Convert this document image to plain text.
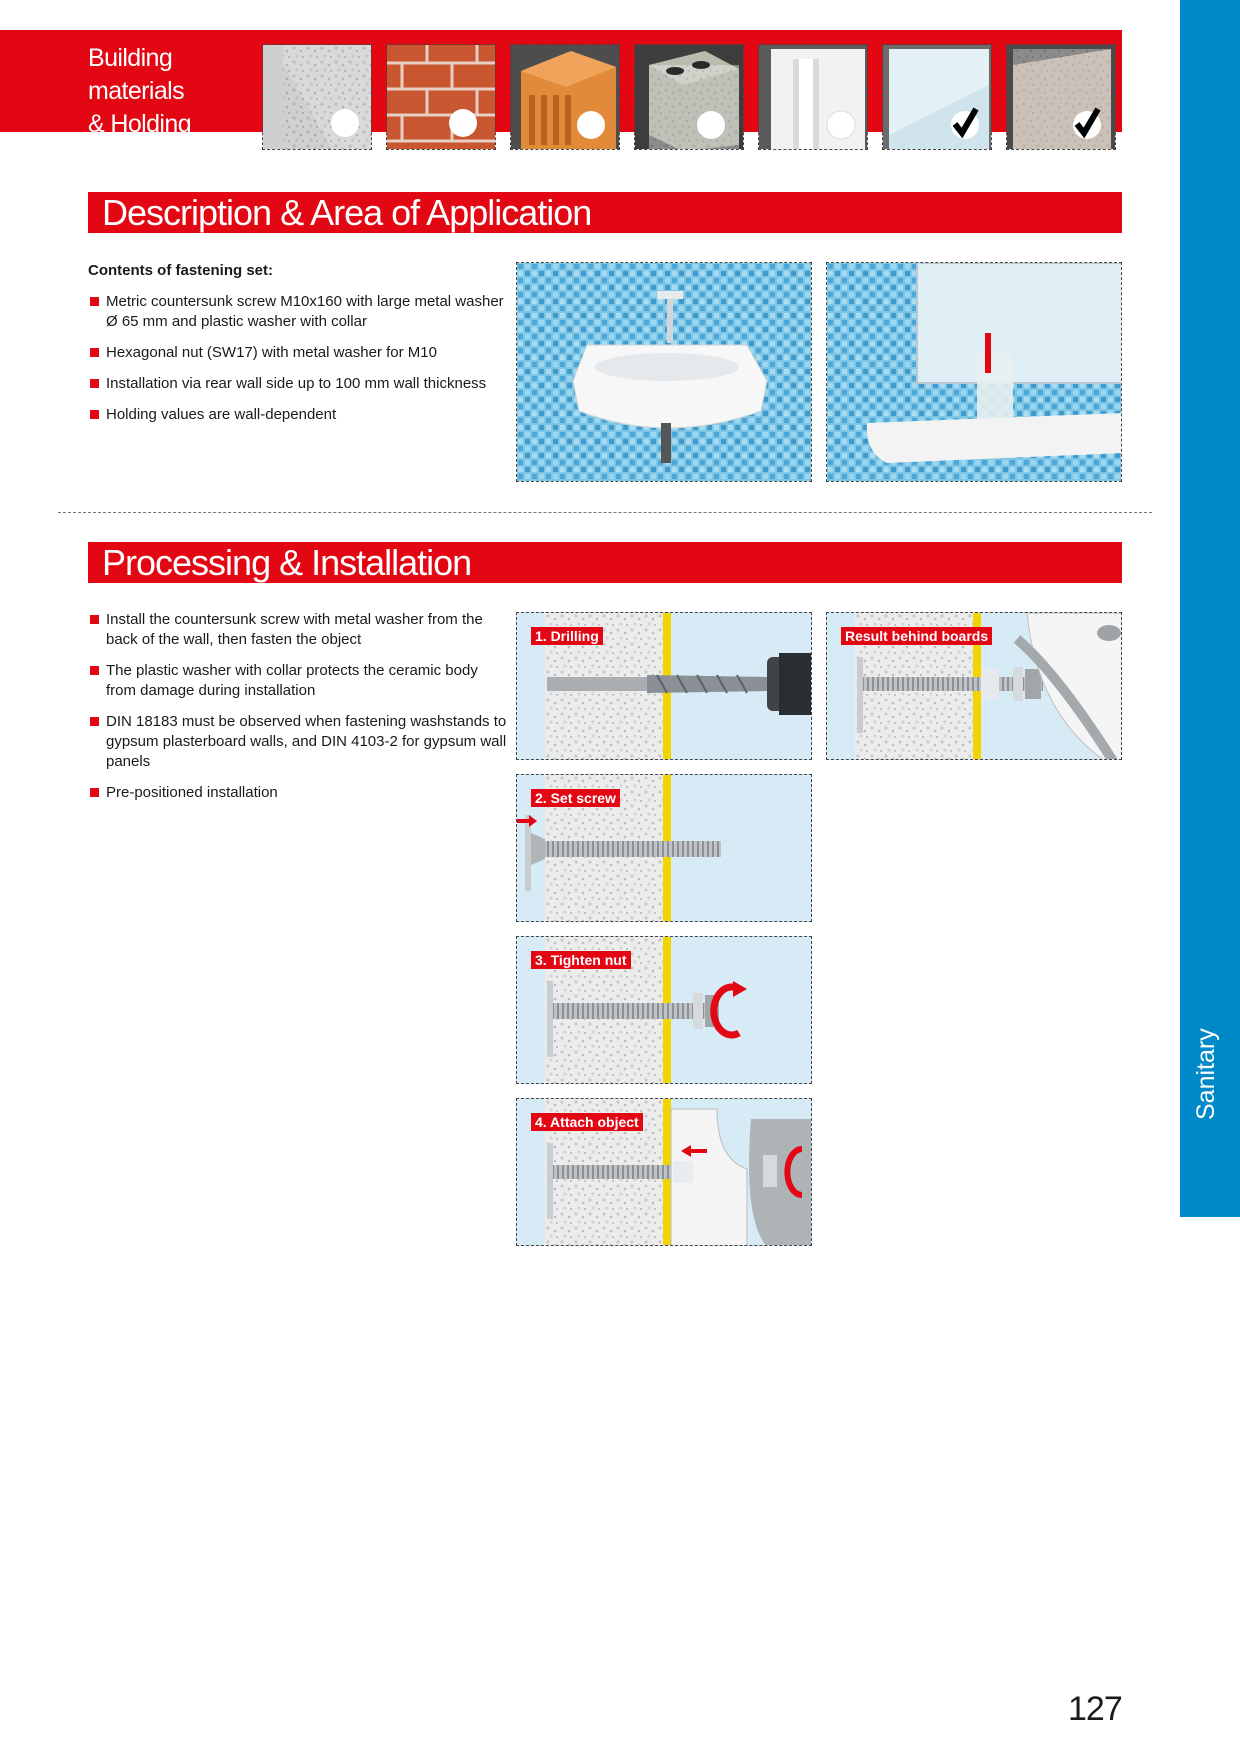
Building materials
& Holding values
Description & Area of Application
Contents of fastening set:
Metric countersunk screw M10x160 with large metal washer Ø 65 mm and plastic washer with collar
Hexagonal nut (SW17) with metal washer for M10
Installation via rear wall side up to 100 mm wall thickness
Holding values are wall-dependent
Processing & Installation
Install the countersunk screw with metal washer from the back of the wall, then fasten the object
The plastic washer with collar protects the ceramic body from damage during installation
DIN 18183 must be observed when fastening washstands to gypsum plasterboard walls, and DIN 4103-2 for gypsum wall panels
Pre-positioned installation
1. Drilling
2. Set screw
3. Tighten nut
4. Attach object
Result behind boards
127
